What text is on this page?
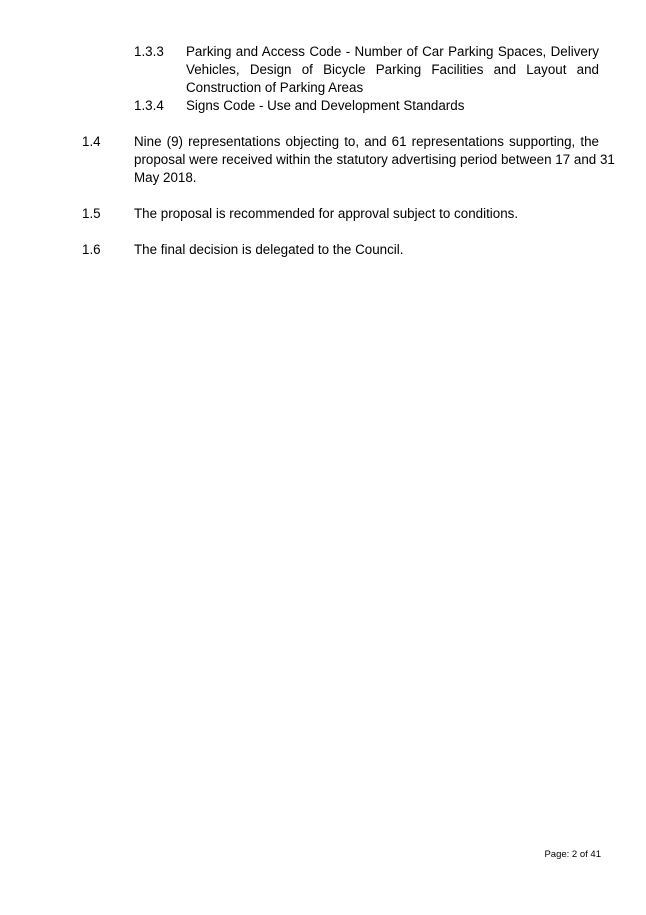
1.3.3	Parking and Access Code - Number of Car Parking Spaces, Delivery
Vehicles, Design of Bicycle Parking Facilities and Layout and
Construction of Parking Areas
1.3.4	Signs Code - Use and Development Standards
1.4	Nine (9) representations objecting to, and 61 representations supporting, the
proposal were received within the statutory advertising period between 17 and 31
May 2018.
1.5	The proposal is recommended for approval subject to conditions.
1.6	The final decision is delegated to the Council.
Page: 2 of 41
